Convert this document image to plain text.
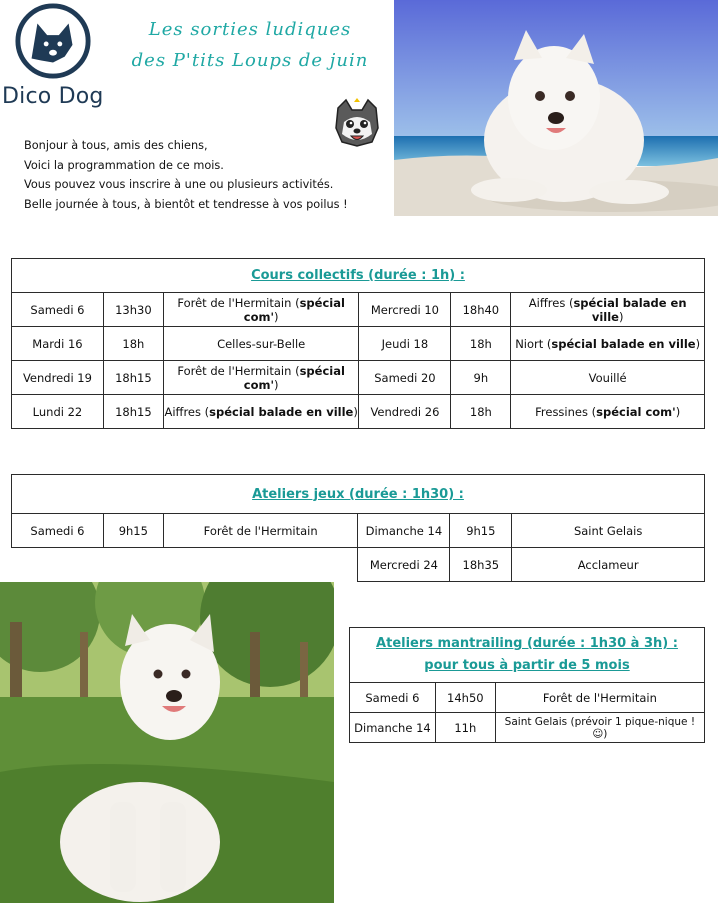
Dico Dog
Les sorties ludiques
des P'tits Loups de juin
Bonjour à tous, amis des chiens,
Voici la programmation de ce mois.
Vous pouvez vous inscrire à une ou plusieurs activités.
Belle journée à tous, à bientôt et tendresse à vos poilus !
Cours collectifs (durée : 1h) :					
Samedi 6	13h30	Forêt de l'Hermitain (spécial com')	Mercredi 10	18h40	Aiffres (spécial balade en ville)
Mardi 16	18h	Celles-sur-Belle	Jeudi 18	18h	Niort (spécial balade en ville)
Vendredi 19	18h15	Forêt de l'Hermitain (spécial com')	Samedi 20	9h	Vouillé
Lundi 22	18h15	Aiffres (spécial balade en ville)	Vendredi 26	18h	Fressines (spécial com')
Ateliers jeux (durée : 1h30) :					
Samedi 6	9h15	Forêt de l'Hermitain	Dimanche 14	9h15	Saint Gelais
			Mercredi 24	18h35	Acclameur
Ateliers mantrailing (durée : 1h30 à 3h) :
pour tous à partir de 5 mois		

Samedi 6	14h50	Forêt de l'Hermitain
Dimanche 14	11h	Saint Gelais (prévoir 1 pique-nique ! ☺)
